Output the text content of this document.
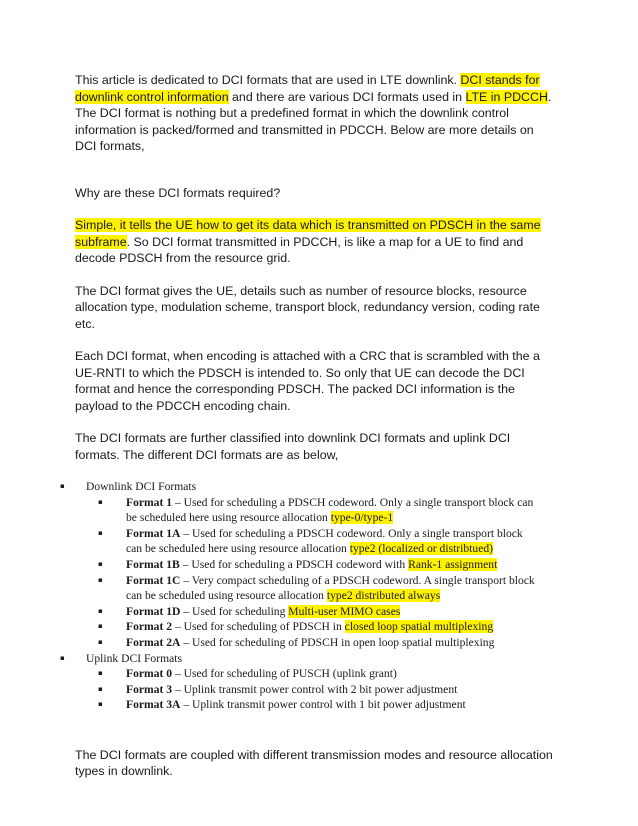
This article is dedicated to DCI formats that are used in LTE downlink. DCI stands for downlink control information and there are various DCI formats used in LTE in PDCCH. The DCI format is nothing but a predefined format in which the downlink control information is packed/formed and transmitted in PDCCH. Below are more details on DCI formats,

Why are these DCI formats required?

Simple, it tells the UE how to get its data which is transmitted on PDSCH in the same subframe. So DCI format transmitted in PDCCH, is like a map for a UE to find and decode PDSCH from the resource grid.

The DCI format gives the UE, details such as number of resource blocks, resource allocation type, modulation scheme, transport block, redundancy version, coding rate etc.

Each DCI format, when encoding is attached with a CRC that is scrambled with the a UE-RNTI to which the PDSCH is intended to. So only that UE can decode the DCI format and hence the corresponding PDSCH. The packed DCI information is the payload to the PDCCH encoding chain.

The DCI formats are further classified into downlink DCI formats and uplink DCI formats. The different DCI formats are as below,

▪ Downlink DCI Formats
▪ Format 1 – Used for scheduling a PDSCH codeword. Only a single transport block can be scheduled here using resource allocation type-0/type-1
▪ Format 1A – Used for scheduling a PDSCH codeword. Only a single transport block can be scheduled here using resource allocation type2 (localized or distribtued)
▪ Format 1B – Used for scheduling a PDSCH codeword with Rank-1 assignment
▪ Format 1C – Very compact scheduling of a PDSCH codeword. A single transport block can be scheduled using resource allocation type2 distributed always
▪ Format 1D – Used for scheduling Multi-user MIMO cases
▪ Format 2 – Used for scheduling of PDSCH in closed loop spatial multiplexing
▪ Format 2A – Used for scheduling of PDSCH in open loop spatial multiplexing
▪ Uplink DCI Formats
▪ Format 0 – Used for scheduling of PUSCH (uplink grant)
▪ Format 3 – Uplink transmit power control with 2 bit power adjustment
▪ Format 3A – Uplink transmit power control with 1 bit power adjustment

The DCI formats are coupled with different transmission modes and resource allocation types in downlink.
